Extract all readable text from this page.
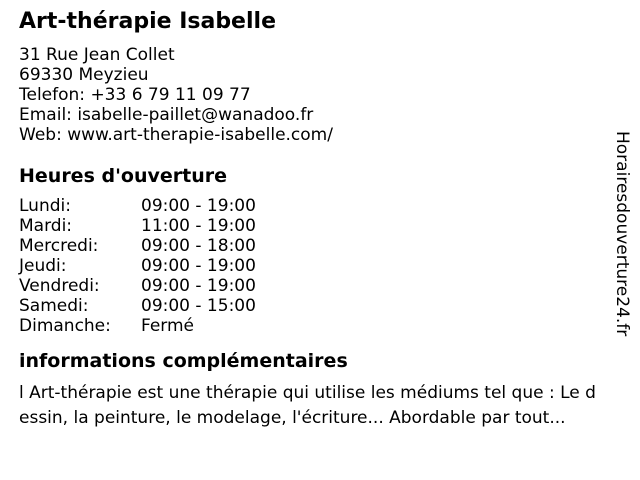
Art-thérapie Isabelle
31 Rue Jean Collet
69330 Meyzieu
Telefon: +33 6 79 11 09 77
Email: isabelle-paillet@wanadoo.fr
Web: www.art-therapie-isabelle.com/
Heures d'ouverture
Lundi:	09:00 - 19:00
Mardi:	11:00 - 19:00
Mercredi:	09:00 - 18:00
Jeudi:	09:00 - 19:00
Vendredi:	09:00 - 19:00
Samedi:	09:00 - 15:00
Dimanche:	Fermé
informations complémentaires
l Art-thérapie est une thérapie qui utilise les médiums tel que : Le d
essin, la peinture, le modelage, l'écriture... Abordable par tout...
Horairesdouverture24.fr
